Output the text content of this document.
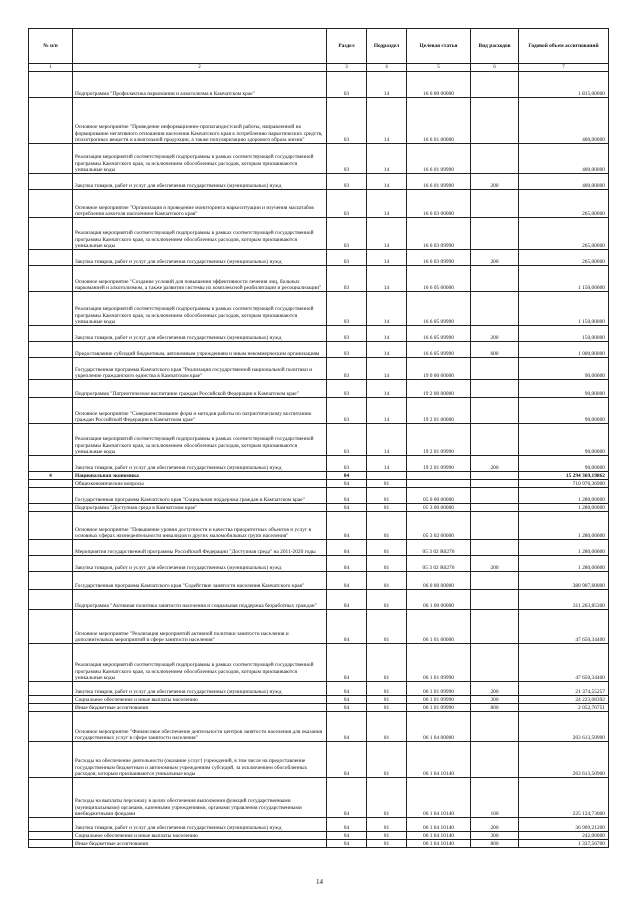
№ п/п		Раздел	Подраздел	Целевая статья	Вид расходов	Годовой объем ассигнований
1	2	3	4	5	6	7
	Подпрограмма "Профилактика наркомании и алкоголизма в Камчатском крае"	03	14	16 6 00 00000		1 815,00000
	Основное мероприятие "Проведение информационно-пропагандистской работы, направленной на формирование негативного отношения населения Камчатского края к потреблению наркотических средств, психотропных веществ и алкогольной продукции, а также популяризацию здорового образа жизни"	03	14	16 6 01 00000		400,00000
	Реализация мероприятий соответствующей подпрограммы в рамках соответствующей государственной программы Камчатского края, за исключением обособленных расходов, которым присваиваются уникальные коды	03	14	16 6 01 09990		400,00000
	Закупка товаров, работ и услуг для обеспечения государственных (муниципальных) нужд	03	14	16 6 01 09990	200	400,00000
	Основное мероприятие "Организация и проведение мониторинга наркоситуации и изучения масштабов потребления алкоголя населением Камчатского края"	03	14	16 6 03 00000		265,00000
	Реализация мероприятий соответствующей подпрограммы в рамках соответствующей государственной программы Камчатского края, за исключением обособленных расходов, которым присваиваются уникальные коды	03	14	16 6 03 09990		265,00000
	Закупка товаров, работ и услуг для обеспечения государственных (муниципальных) нужд	03	14	16 6 03 09990	200	265,00000
	Основное мероприятие "Создание условий для повышения эффективности лечения лиц, больных наркоманией и алкоголизмом, а также развития системы их комплексной реабилитации и ресоциализации"	03	14	16 6 05 00000		1 150,00000
	Реализация мероприятий соответствующей подпрограммы в рамках соответствующей государственной программы Камчатского края, за исключением обособленных расходов, которым присваиваются уникальные коды	03	14	16 6 05 09990		1 150,00000
	Закупка товаров, работ и услуг для обеспечения государственных (муниципальных) нужд	03	14	16 6 05 09990	200	150,00000
	Предоставление субсидий бюджетным, автономным учреждениям и иным некоммерческим организациям	03	14	16 6 05 09990	600	1 000,00000
	Государственная программа Камчатского края "Реализация государственной национальной политики и укрепление гражданского единства в Камчатском крае"	03	14	19 0 00 00000		90,00000
	Подпрограмма "Патриотическое воспитание граждан Российской Федерации в Камчатском крае"	03	14	19 2 00 00000		90,00000
	Основное мероприятие "Совершенствование форм и методов работы по патриотическому воспитанию граждан Российской Федерации в Камчатском крае"	03	14	19 2 01 00000		90,00000
	Реализация мероприятий соответствующей подпрограммы в рамках соответствующей государственной программы Камчатского края, за исключением обособленных расходов, которым присваиваются уникальные коды	03	14	19 2 01 09990		90,00000
	Закупка товаров, работ и услуг для обеспечения государственных (муниципальных) нужд	03	14	19 2 01 09990	200	90,00000
4	Национальная экономика	04				15 294 369,19862
	Общеэкономические вопросы	04	01			710 976,36900
	Государственная программа Камчатского края "Социальная поддержка граждан в Камчатском крае"	04	01	05 0 00 00000		1 280,00000
	Подпрограмма "Доступная среда в Камчатском крае"	04	01	05 3 00 00000		1 280,00000
	Основное мероприятие "Повышение уровня доступности и качества приоритетных объектов и услуг в основных сферах жизнедеятельности инвалидов и других маломобильных групп населения"	04	01	05 3 02 00000		1 280,00000
	Мероприятия государственной программы Российской Федерации "Доступная среда" на 2011-2020 годы	04	01	05 3 02 R0270		1 280,00000
	Закупка товаров, работ и услуг для обеспечения государственных (муниципальных) нужд	04	01	05 3 02 R0270	200	1 280,00000
	Государственная программа Камчатского края "Содействие занятости населения Камчатского края"	04	01	06 0 00 00000		380 907,60000
	Подпрограмма "Активная политика занятости населения и социальная поддержка безработных граждан"	04	01	06 1 00 00000		311 263,85300
	Основное мероприятие "Реализация мероприятий активной политики занятости населения и дополнительных мероприятий в сфере занятости населения"	04	01	06 1 01 00000		47 650,34400
	Реализация мероприятий соответствующей подпрограммы в рамках соответствующей государственной программы Камчатского края, за исключением обособленных расходов, которым присваиваются уникальные коды	04	01	06 1 01 09990		47 650,34400
	Закупка товаров, работ и услуг для обеспечения государственных (муниципальных) нужд	04	01	06 1 01 09990	200	21 374,55257
	Социальное обеспечение и иные выплаты населению	04	01	06 1 01 09990	300	24 223,08392
	Иные бюджетные ассигнования	04	01	06 1 01 09990	800	2 052,70751
	Основное мероприятие "Финансовое обеспечение деятельности центров занятости населения для оказания государственных услуг в сфере занятости населения"	04	01	06 1 04 00000		263 613,50900
	Расходы на обеспечение деятельности (оказание услуг) учреждений, в том числе на предоставление государственным бюджетным и автономным учреждениям субсидий, за исключением обособленных расходов, которым присваиваются уникальные коды	04	01	06 1 04 10140		263 613,50900
	Расходы на выплаты персоналу в целях обеспечения выполнения функций государственными (муниципальными) органами, казенными учреждениями, органами управления государственными внебюджетными фондами	04	01	06 1 04 10140	100	225 124,73000
	Закупка товаров, работ и услуг для обеспечения государственных (муниципальных) нужд	04	01	06 1 04 10140	200	36 909,21200
	Социальное обеспечение и иные выплаты населению	04	01	06 1 04 10140	300	242,00000
	Иные бюджетные ассигнования	04	01	06 1 04 10140	800	1 337,56700
14
